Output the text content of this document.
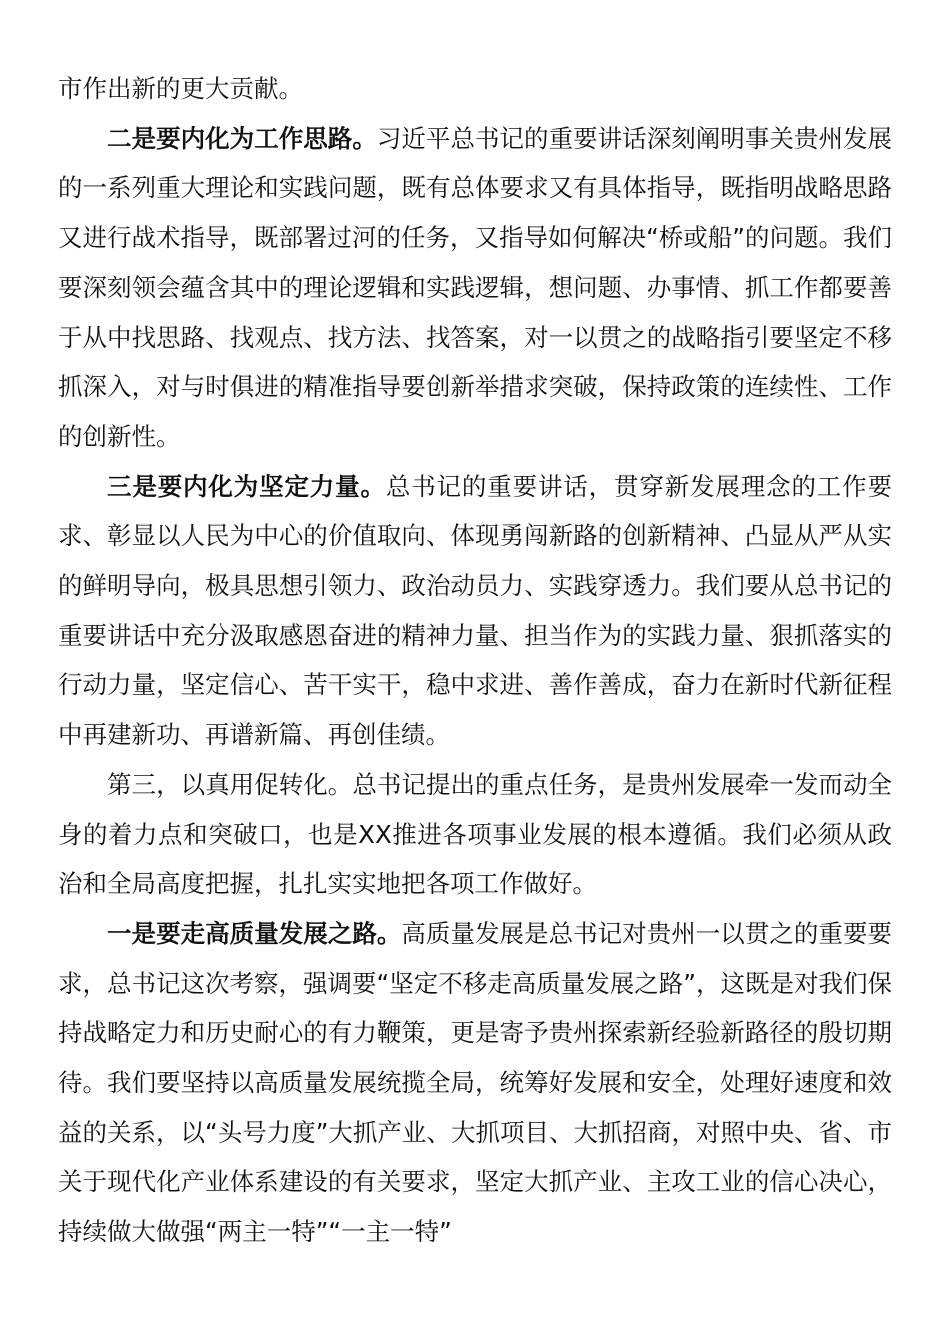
市作出新的更大贡献。

二是要内化为工作思路。习近平总书记的重要讲话深刻阐明事关贵州发展的一系列重大理论和实践问题，既有总体要求又有具体指导，既指明战略思路又进行战术指导，既部署过河的任务，又指导如何解决“桥或船”的问题。我们要深刻领会蕴含其中的理论逻辑和实践逻辑，想问题、办事情、抓工作都要善于从中找思路、找观点、找方法、找答案，对一以贯之的战略指引要坚定不移抓深入，对与时俱进的精准指导要创新举措求突破，保持政策的连续性、工作的创新性。

三是要内化为坚定力量。总书记的重要讲话，贯穿新发展理念的工作要求、彰显以人民为中心的价值取向、体现勇闯新路的创新精神、凸显从严从实的鲜明导向，极具思想引领力、政治动员力、实践穿透力。我们要从总书记的重要讲话中充分汲取感恩奋进的精神力量、担当作为的实践力量、狠抓落实的行动力量，坚定信心、苦干实干，稳中求进、善作善成，奋力在新时代新征程中再建新功、再谱新篇、再创佳绩。

第三，以真用促转化。总书记提出的重点任务，是贵州发展牵一发而动全身的着力点和突破口，也是XX推进各项事业发展的根本遵循。我们必须从政治和全局高度把握，扎扎实实地把各项工作做好。

一是要走高质量发展之路。高质量发展是总书记对贵州一以贯之的重要要求，总书记这次考察，强调要“坚定不移走高质量发展之路”，这既是对我们保持战略定力和历史耐心的有力鞭策，更是寄予贵州探索新经验新路径的殷切期待。我们要坚持以高质量发展统揽全局，统筹好发展和安全，处理好速度和效益的关系，以“头号力度”大抓产业、大抓项目、大抓招商，对照中央、省、市关于现代化产业体系建设的有关要求，坚定大抓产业、主攻工业的信心决心，持续做大做强“两主一特”“一主一特”
